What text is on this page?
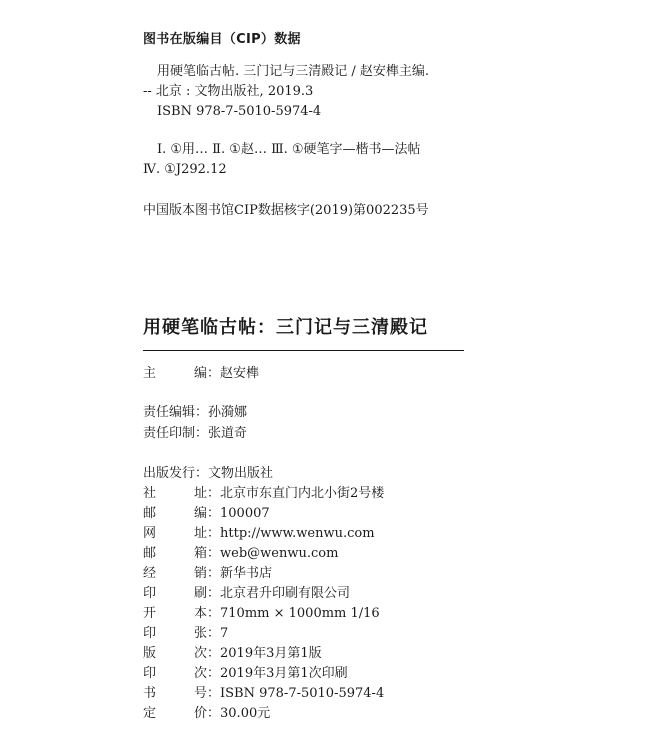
图书在版编目（CIP）数据
用硬笔临古帖. 三门记与三清殿记 / 赵安榫主编.
-- 北京 : 文物出版社, 2019.3
ISBN 978-7-5010-5974-4
Ⅰ. ①用… Ⅱ. ①赵… Ⅲ. ①硬笔字—楷书—法帖
Ⅳ. ①J292.12
中国版本图书馆CIP数据核字(2019)第002235号
用硬笔临古帖：三门记与三清殿记
主	编 ：赵安榫
责任编辑：孙漪娜
责任印制：张道奇
出版发行：文物出版社
社	址 ：北京市东直门内北小街2号楼
邮	编 ：100007
网	址 ：http://www.wenwu.com
邮	箱 ：web@wenwu.com
经	销 ：新华书店
印	刷 ：北京君升印刷有限公司
开	本 ：710mm × 1000mm 1/16
印	张 ：7
版	次 ：2019年3月第1版
印	次 ：2019年3月第1次印刷
书	号 ：ISBN 978-7-5010-5974-4
定	价 ：30.00元
